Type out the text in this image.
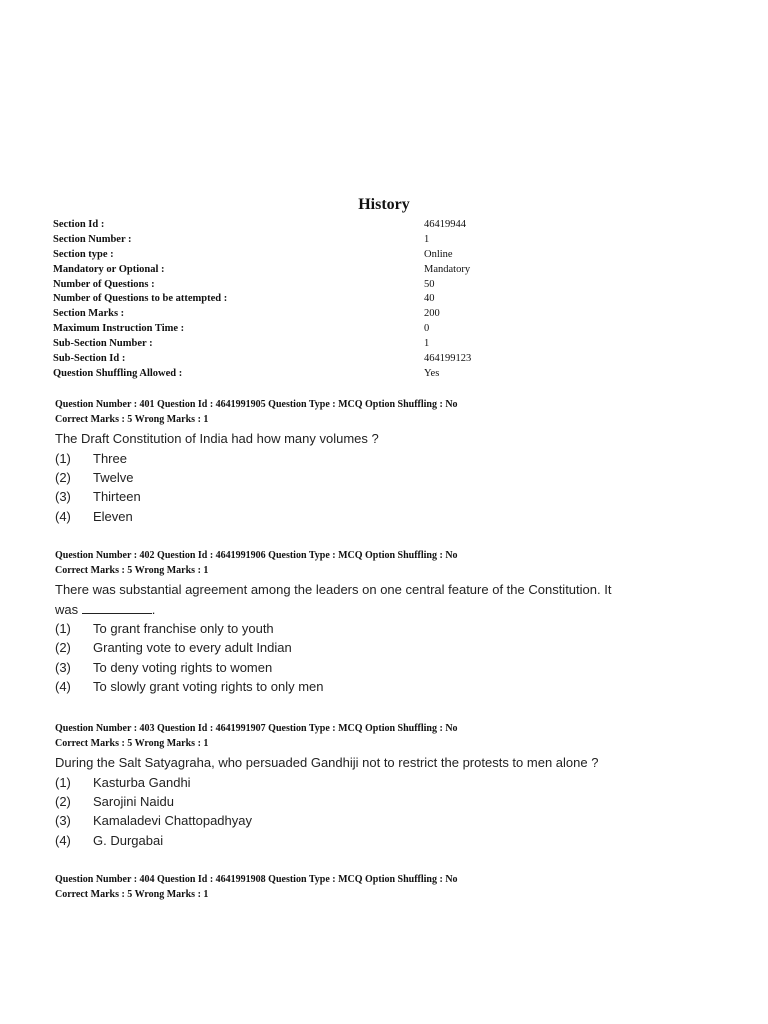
History
Section Id :	46419944
Section Number :	1
Section type :	Online
Mandatory or Optional :	Mandatory
Number of Questions :	50
Number of Questions to be attempted :	40
Section Marks :	200
Maximum Instruction Time :	0
Sub-Section Number :	1
Sub-Section Id :	464199123
Question Shuffling Allowed :	Yes
Question Number : 401 Question Id : 4641991905 Question Type : MCQ Option Shuffling : No
Correct Marks : 5 Wrong Marks : 1
The Draft Constitution of India had how many volumes ?
(1) Three
(2) Twelve
(3) Thirteen
(4) Eleven
Question Number : 402 Question Id : 4641991906 Question Type : MCQ Option Shuffling : No
Correct Marks : 5 Wrong Marks : 1
There was substantial agreement among the leaders on one central feature of the Constitution. It
was	.
(1) To grant franchise only to youth
(2) Granting vote to every adult Indian
(3) To deny voting rights to women
(4) To slowly grant voting rights to only men
Question Number : 403 Question Id : 4641991907 Question Type : MCQ Option Shuffling : No
Correct Marks : 5 Wrong Marks : 1
During the Salt Satyagraha, who persuaded Gandhiji not to restrict the protests to men alone ?
(1) Kasturba Gandhi
(2) Sarojini Naidu
(3) Kamaladevi Chattopadhyay
(4) G. Durgabai
Question Number : 404 Question Id : 4641991908 Question Type : MCQ Option Shuffling : No
Correct Marks : 5 Wrong Marks : 1
